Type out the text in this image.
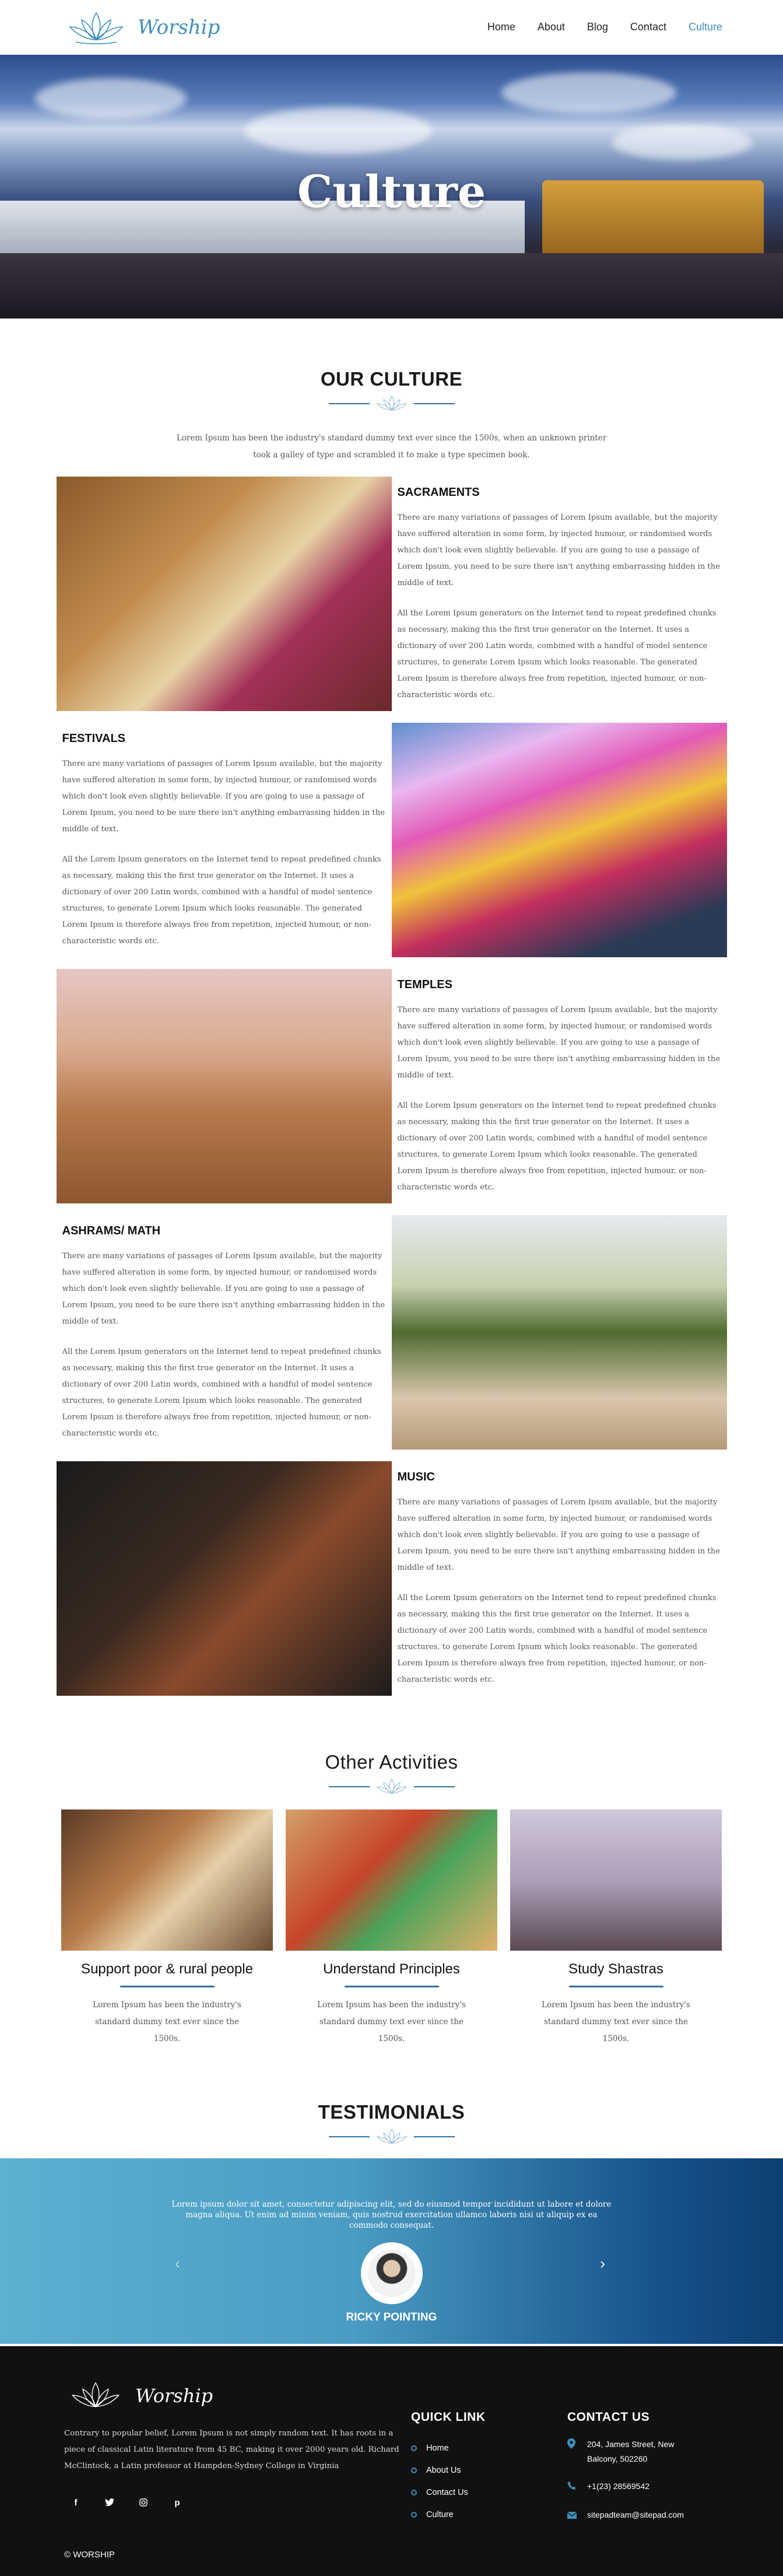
Worship	Home About Blog Contact Culture
Culture
OUR CULTURE

Lorem Ipsum has been the industry's standard dummy text ever since the 1500s, when an unknown printer took a galley of type and scrambled it to make a type specimen book.

SACRAMENTS

There are many variations of passages of Lorem Ipsum available, but the majority have suffered alteration in some form, by injected humour, or randomised words which don't look even slightly believable. If you are going to use a passage of Lorem Ipsum, you need to be sure there isn't anything embarrassing hidden in the middle of text.

All the Lorem Ipsum generators on the Internet tend to repeat predefined chunks as necessary, making this the first true generator on the Internet. It uses a dictionary of over 200 Latin words, combined with a handful of model sentence structures, to generate Lorem Ipsum which looks reasonable. The generated Lorem Ipsum is therefore always free from repetition, injected humour, or non-characteristic words etc.

FESTIVALS

There are many variations of passages of Lorem Ipsum available, but the majority have suffered alteration in some form, by injected humour, or randomised words which don't look even slightly believable. If you are going to use a passage of Lorem Ipsum, you need to be sure there isn't anything embarrassing hidden in the middle of text.

All the Lorem Ipsum generators on the Internet tend to repeat predefined chunks as necessary, making this the first true generator on the Internet. It uses a dictionary of over 200 Latin words, combined with a handful of model sentence structures, to generate Lorem Ipsum which looks reasonable. The generated Lorem Ipsum is therefore always free from repetition, injected humour, or non-characteristic words etc.

TEMPLES

There are many variations of passages of Lorem Ipsum available, but the majority have suffered alteration in some form, by injected humour, or randomised words which don't look even slightly believable. If you are going to use a passage of Lorem Ipsum, you need to be sure there isn't anything embarrassing hidden in the middle of text.

All the Lorem Ipsum generators on the Internet tend to repeat predefined chunks as necessary, making this the first true generator on the Internet. It uses a dictionary of over 200 Latin words, combined with a handful of model sentence structures, to generate Lorem Ipsum which looks reasonable. The generated Lorem Ipsum is therefore always free from repetition, injected humour, or non-characteristic words etc.

ASHRAMS/ MATH

There are many variations of passages of Lorem Ipsum available, but the majority have suffered alteration in some form, by injected humour, or randomised words which don't look even slightly believable. If you are going to use a passage of Lorem Ipsum, you need to be sure there isn't anything embarrassing hidden in the middle of text.

All the Lorem Ipsum generators on the Internet tend to repeat predefined chunks as necessary, making this the first true generator on the Internet. It uses a dictionary of over 200 Latin words, combined with a handful of model sentence structures, to generate Lorem Ipsum which looks reasonable. The generated Lorem Ipsum is therefore always free from repetition, injected humour, or non-characteristic words etc.

MUSIC

There are many variations of passages of Lorem Ipsum available, but the majority have suffered alteration in some form, by injected humour, or randomised words which don't look even slightly believable. If you are going to use a passage of Lorem Ipsum, you need to be sure there isn't anything embarrassing hidden in the middle of text.

All the Lorem Ipsum generators on the Internet tend to repeat predefined chunks as necessary, making this the first true generator on the Internet. It uses a dictionary of over 200 Latin words, combined with a handful of model sentence structures, to generate Lorem Ipsum which looks reasonable. The generated Lorem Ipsum is therefore always free from repetition, injected humour, or non-characteristic words etc.

Other Activities
Support poor & rural people

Lorem Ipsum has been the industry's standard dummy text ever since the 1500s.

Understand Principles

Lorem Ipsum has been the industry's standard dummy text ever since the 1500s.

Study Shastras

Lorem Ipsum has been the industry's standard dummy text ever since the 1500s.

TESTIMONIALS
‹	›

Lorem ipsum dolor sit amet, consectetur adipiscing elit, sed do eiusmod tempor incididunt ut labore et dolore magna aliqua. Ut enim ad minim veniam, quis nostrud exercitation ullamco laboris nisi ut aliquip ex ea commodo consequat.

RICKY POINTING
Worship

Contrary to popular belief, Lorem Ipsum is not simply random text. It has roots in a piece of classical Latin literature from 45 BC, making it over 2000 years old. Richard McClintock, a Latin professor at Hampden-Sydney College in Virginia

f	p
QUICK LINK
Home
About Us
Contact Us
Culture
CONTACT US
204, James Street, New Balcony, 502260
+1(23) 28569542
sitepadteam@sitepad.com
© WORSHIP
